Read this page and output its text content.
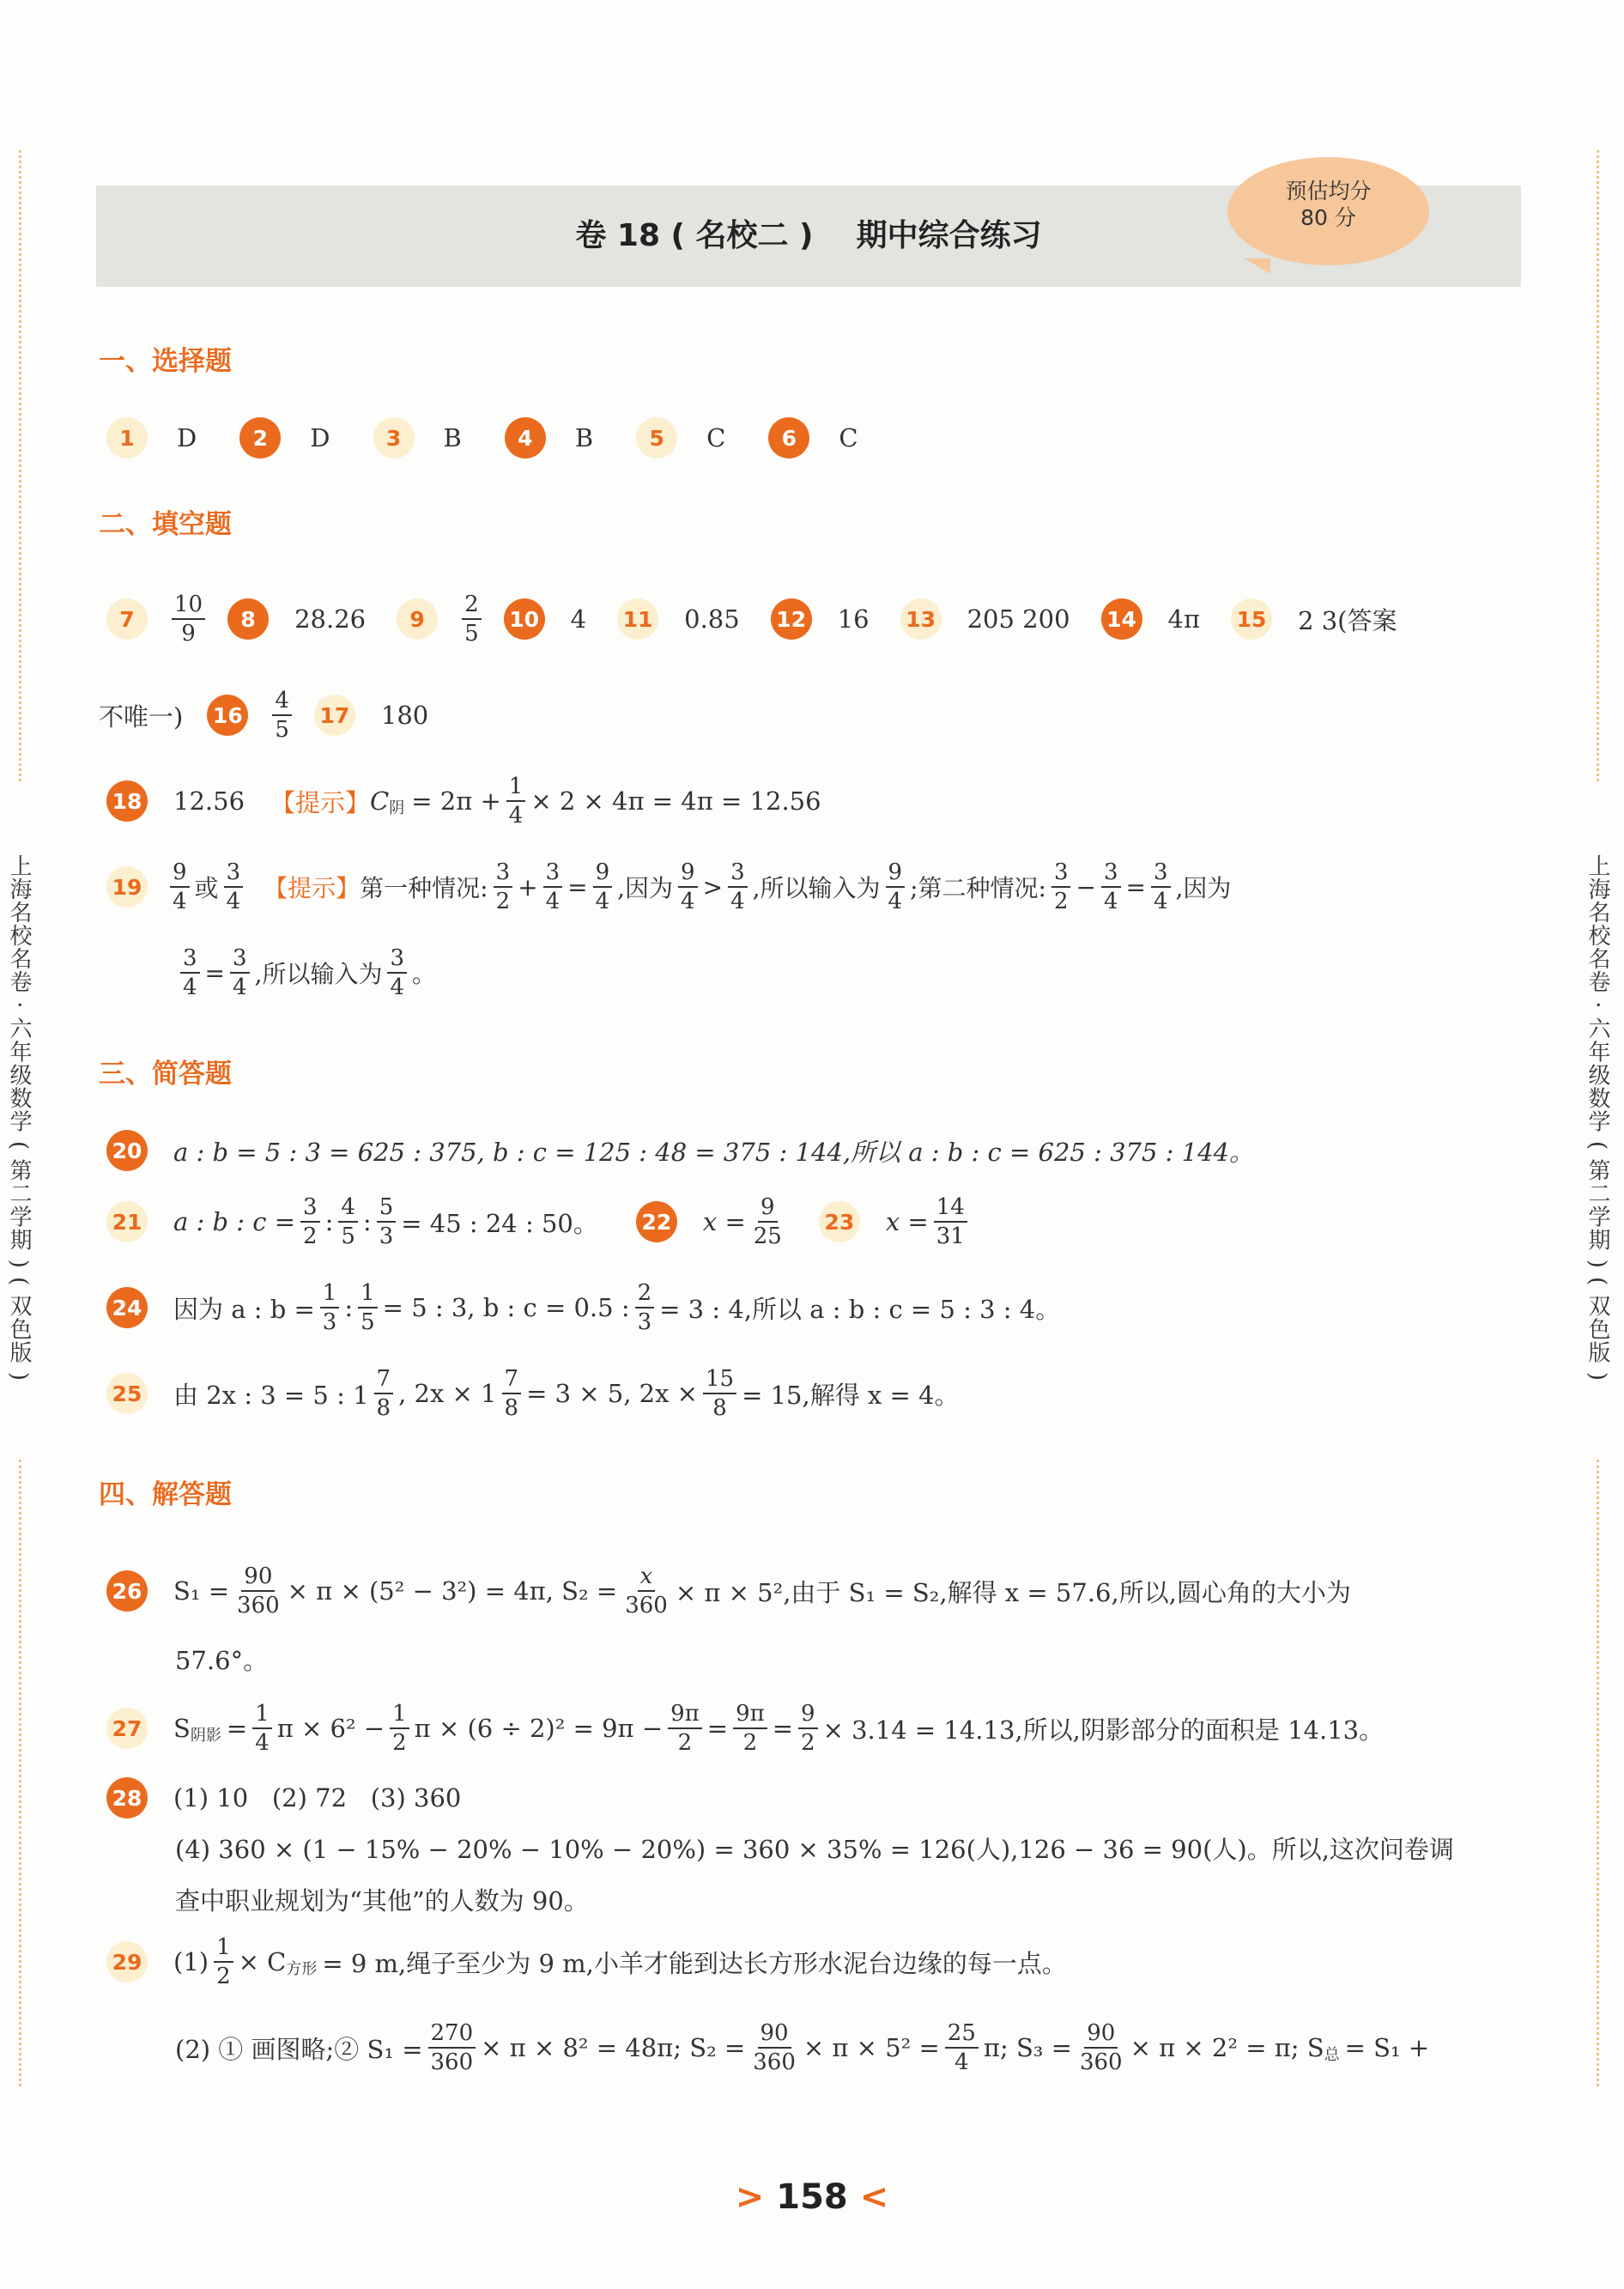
上海名校名卷 · 六年级数学 ( 第二学期 ) ( 双色版 )	上海名校名卷 · 六年级数学 ( 第二学期 ) ( 双色版 )
卷 18 ( 名校二 )    期中综合练习
预估均分
80 分
一、选择题
1	D	2	D	3	B	4	B	5	C	6	C
二、填空题
7	$\frac{10}{9}$	8	28.26	9	$\frac{2}{5} 10$ 4 11 0.85 12 16 13 205 200 14 4π 15 2 3(答案
不唯一) $16 \frac{4}{5} 17$ 180
18 12.56 【提示】 C 阴 = $2\pi + \frac{1}{4} \times 2 \times 4\pi = 4\pi = 12.56$
$19 \frac{9}{4}$ 或 $\frac{3}{4}$ 【提示】 第一种情况: $\frac{3}{2} + \frac{3}{4} = \frac{9}{4}$ ,因为 $\frac{9}{4} > \frac{3}{4}$ ,所以输入为 $\frac{9}{4}$ ;第二种情况: $\frac{3}{2} - \frac{3}{4} = \frac{3}{4}$ ,因为
$\frac{3}{4} = \frac{3}{4}$ ,所以输入为 $\frac{3}{4}$ 。
三、简答题
20 a : b = 5 : 3 = 625 : 375, b : c = 125 : 48 = 375 : 144,所以 a : b : c = 625 : 375 : 144。
21 a : b : $c = \frac{3}{2}$ : $\frac{4}{5}$ : $\frac{5}{3} = 45$ : 24 : 50。 22 $x = \frac{9}{25} 23$ $x = \frac{14}{31}$
24 因为 a : $b = \frac{1}{3}$ : $\frac{1}{5} = 5$ : 3, b : c = 0.5 : $\frac{2}{3} = 3$ : 4,所以 a : b : c = 5 : 3 : 4。
25 由 2x : 3 = 5 : $1 \frac{7}{8}$ , $2x \times 1 \frac{7}{8} = 3 \times 5$, $2x \times \frac{15}{8} = 15$,解得 x = 4。
四、解答题
26 $S_1 = \frac{90}{360} \times \pi \times (5^2 - 3^2) = 4\pi$, $S_2 = \frac{x}{360} \times \pi \times 5^2$,由于 S₁ = S₂,解得 x = 57.6,所以,圆心角的大小为
57.6°。
27 S 阴影 = $\frac{1}{4}$ $\pi \times 6^2 - \frac{1}{2}$ $\pi \times (6 \div 2)^2 = 9\pi - \frac{9\pi}{2} = \frac{9\pi}{2} = \frac{9}{2} \times 3.14 = 14.13$,所以,阴影部分的面积是 14.13。
28 (1) 10   (2) 72   (3) 360
(4) 360 × (1 − 15% − 20% − 10% − 20%) = 360 × 35% = 126(人),126 − 36 = 90(人)。所以,这次问卷调
查中职业规划为“其他”的人数为 90。
29 $(1) \frac{1}{2} \times C$ 方形 = 9 m,绳子至少为 9 m,小羊才能到达长方形水泥台边缘的每一点。
(2) ① 画图略;② $S_1 = \frac{270}{360} \times \pi \times 8^2 = 48\pi$; $S_2 = \frac{90}{360} \times \pi \times 5^2 = \frac{25}{4} \pi$; $S_3 = \frac{90}{360} \times \pi \times 2^2 = \pi$; S 总 = S₁ +
> 158 <
